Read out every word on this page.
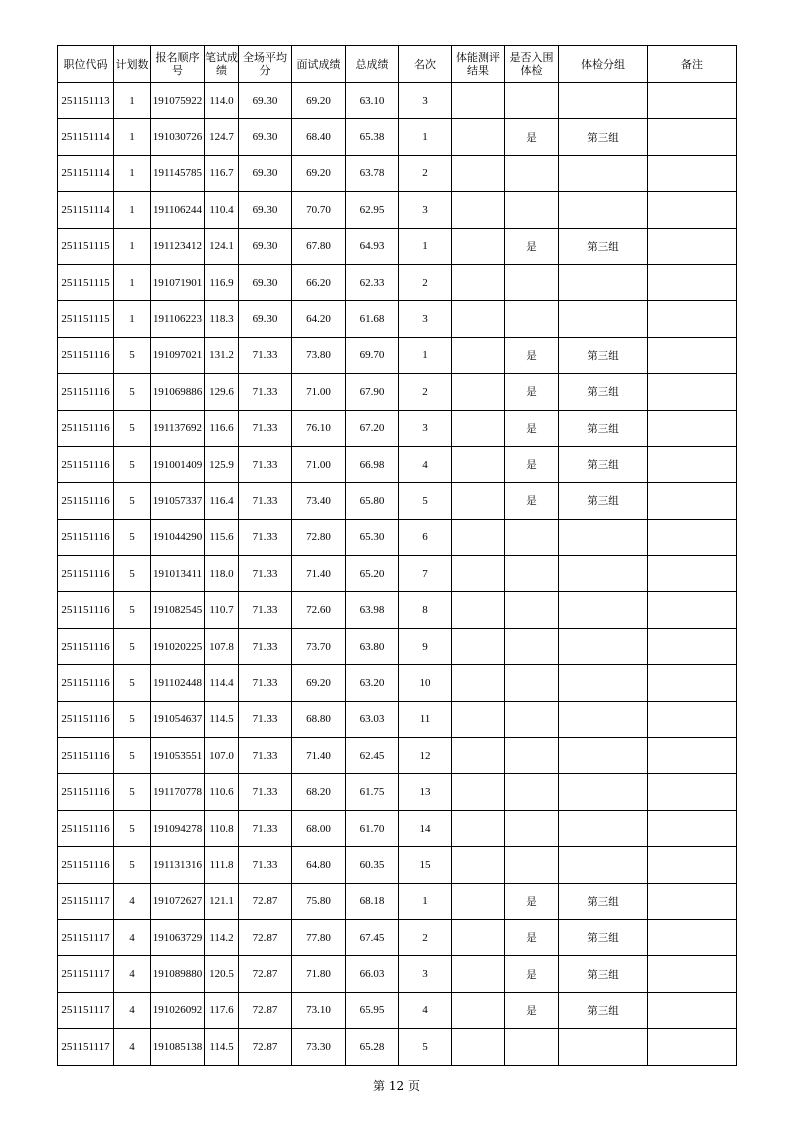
职位代码	计划数	报名顺序号	笔试成绩	全场平均分	面试成绩	总成绩	名次	体能测评结果	是否入围体检	体检分组	备注
251151113	1	191075922	114.0	69.30	69.20	63.10	3				
251151114	1	191030726	124.7	69.30	68.40	65.38	1		是	第三组	
251151114	1	191145785	116.7	69.30	69.20	63.78	2				
251151114	1	191106244	110.4	69.30	70.70	62.95	3				
251151115	1	191123412	124.1	69.30	67.80	64.93	1		是	第三组	
251151115	1	191071901	116.9	69.30	66.20	62.33	2				
251151115	1	191106223	118.3	69.30	64.20	61.68	3				
251151116	5	191097021	131.2	71.33	73.80	69.70	1		是	第三组	
251151116	5	191069886	129.6	71.33	71.00	67.90	2		是	第三组	
251151116	5	191137692	116.6	71.33	76.10	67.20	3		是	第三组	
251151116	5	191001409	125.9	71.33	71.00	66.98	4		是	第三组	
251151116	5	191057337	116.4	71.33	73.40	65.80	5		是	第三组	
251151116	5	191044290	115.6	71.33	72.80	65.30	6				
251151116	5	191013411	118.0	71.33	71.40	65.20	7				
251151116	5	191082545	110.7	71.33	72.60	63.98	8				
251151116	5	191020225	107.8	71.33	73.70	63.80	9				
251151116	5	191102448	114.4	71.33	69.20	63.20	10				
251151116	5	191054637	114.5	71.33	68.80	63.03	11				
251151116	5	191053551	107.0	71.33	71.40	62.45	12				
251151116	5	191170778	110.6	71.33	68.20	61.75	13				
251151116	5	191094278	110.8	71.33	68.00	61.70	14				
251151116	5	191131316	111.8	71.33	64.80	60.35	15				
251151117	4	191072627	121.1	72.87	75.80	68.18	1		是	第三组	
251151117	4	191063729	114.2	72.87	77.80	67.45	2		是	第三组	
251151117	4	191089880	120.5	72.87	71.80	66.03	3		是	第三组	
251151117	4	191026092	117.6	72.87	73.10	65.95	4		是	第三组	
251151117	4	191085138	114.5	72.87	73.30	65.28	5				
第 12 页
